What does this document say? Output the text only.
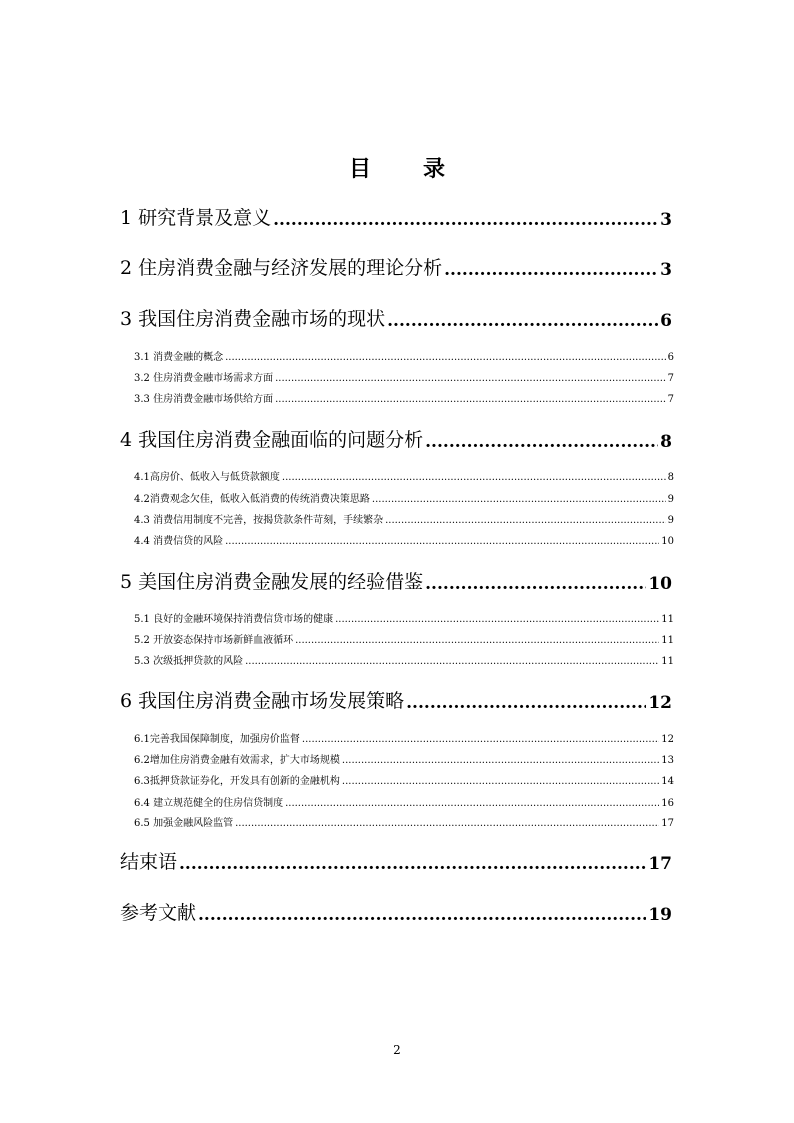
目录
1 研究背景及意义 .....	3
2 住房消费金融与经济发展的理论分析 .....	3
3 我国住房消费金融市场的现状 .....	6
3.1 消费金融的概念 .....	6
3.2 住房消费金融市场需求方面 .....	7
3.3 住房消费金融市场供给方面 .....	7
4 我国住房消费金融面临的问题分析 .....	8
4.1高房价、低收入与低贷款额度 .....	8
4.2消费观念欠佳，低收入低消费的传统消费决策思路 .....	9
4.3 消费信用制度不完善，按揭贷款条件苛刻，手续繁杂 .....	9
4.4 消费信贷的风险 .....	10
5 美国住房消费金融发展的经验借鉴 .....	10
5.1 良好的金融环境保持消费信贷市场的健康 .....	11
5.2 开放姿态保持市场新鲜血液循环 .....	11
5.3 次级抵押贷款的风险 .....	11
6 我国住房消费金融市场发展策略 .....	12
6.1完善我国保障制度，加强房价监督 .....	12
6.2增加住房消费金融有效需求，扩大市场规模 .....	13
6.3抵押贷款证券化，开发具有创新的金融机构 .....	14
6.4 建立规范健全的住房信贷制度 .....	16
6.5 加强金融风险监管 .....	17
结束语 .....	17
参考文献 .....	19
2
